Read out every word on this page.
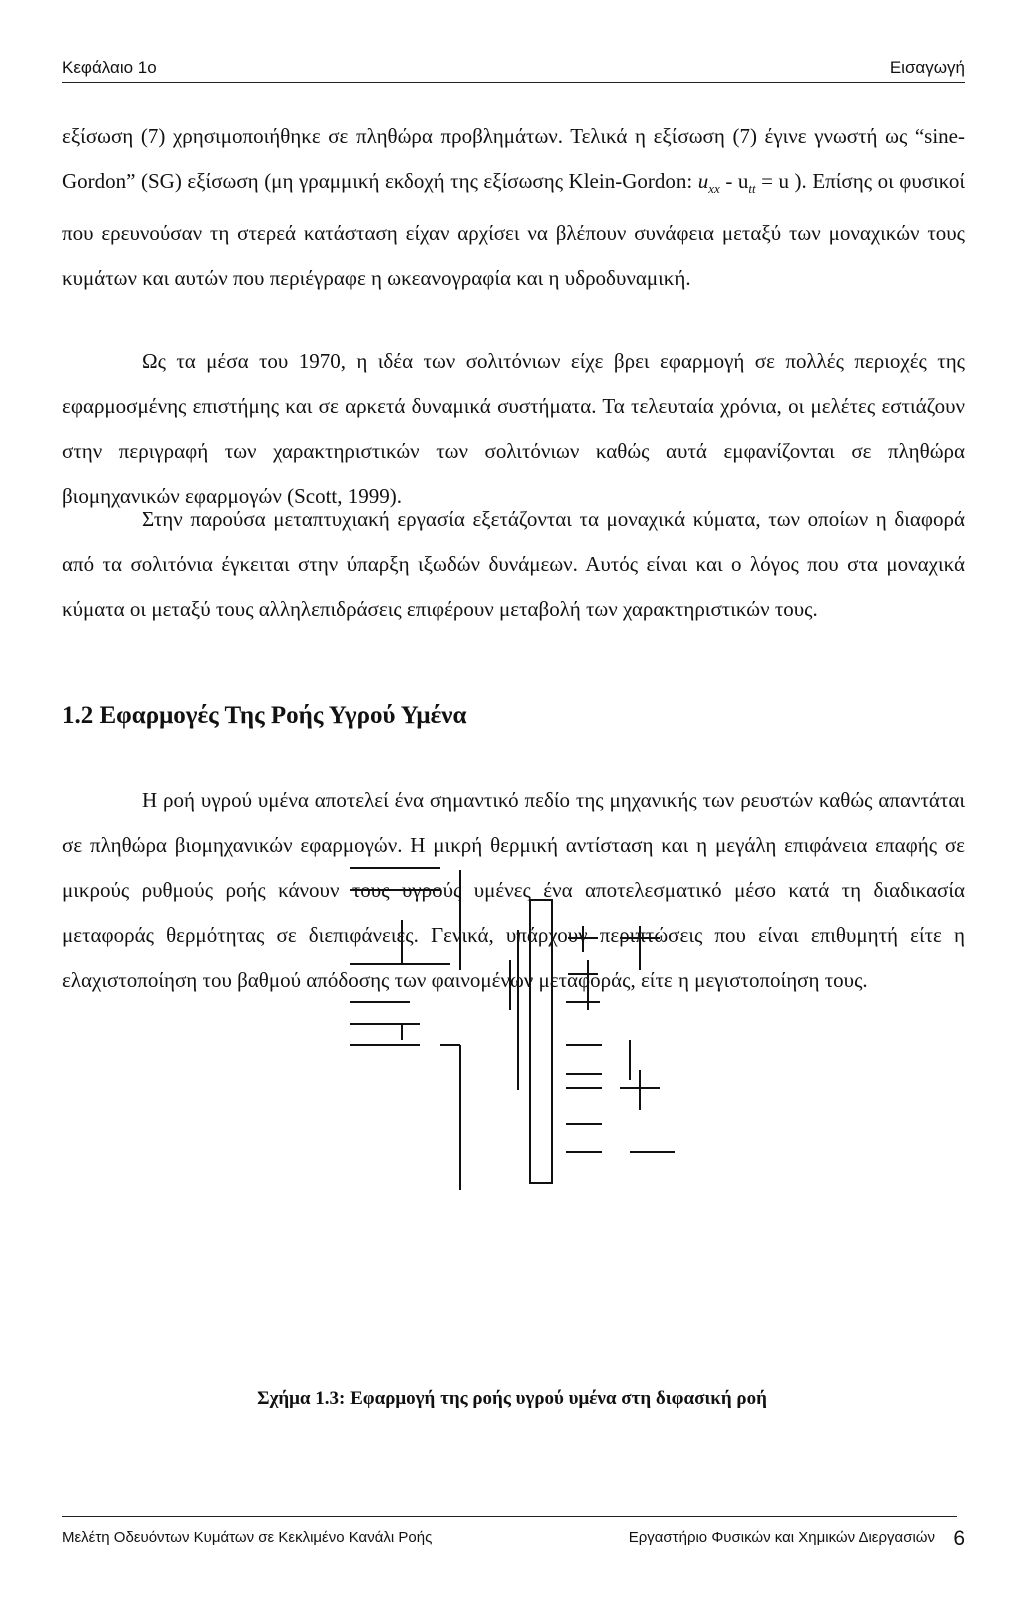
Κεφάλαιο 1ο	Εισαγωγή

εξίσωση (7) χρησιμοποιήθηκε σε πληθώρα προβλημάτων. Τελικά η εξίσωση (7) έγινε γνωστή ως “sine-Gordon” (SG) εξίσωση (μη γραμμική εκδοχή της εξίσωσης Klein-Gordon: $u_{xx} - u_{tt} = u$ ). Επίσης οι φυσικοί που ερευνούσαν τη στερεά κατάσταση είχαν αρχίσει να βλέπουν συνάφεια μεταξύ των μοναχικών τους κυμάτων και αυτών που περιέγραφε η ωκεανογραφία και η υδροδυναμική.

Ως τα μέσα του 1970, η ιδέα των σολιτόνιων είχε βρει εφαρμογή σε πολλές περιοχές της εφαρμοσμένης επιστήμης και σε αρκετά δυναμικά συστήματα. Τα τελευταία χρόνια, οι μελέτες εστιάζουν στην περιγραφή των χαρακτηριστικών των σολιτόνιων καθώς αυτά εμφανίζονται σε πληθώρα βιομηχανικών εφαρμογών (Scott, 1999).

Στην παρούσα μεταπτυχιακή εργασία εξετάζονται τα μοναχικά κύματα, των οποίων η διαφορά από τα σολιτόνια έγκειται στην ύπαρξη ιξωδών δυνάμεων. Αυτός είναι και ο λόγος που στα μοναχικά κύματα οι μεταξύ τους αλληλεπιδράσεις επιφέρουν μεταβολή των χαρακτηριστικών τους.

1.2 Εφαρμογές Της Ροής Υγρού Υμένα

Η ροή υγρού υμένα αποτελεί ένα σημαντικό πεδίο της μηχανικής των ρευστών καθώς απαντάται σε πληθώρα βιομηχανικών εφαρμογών. Η μικρή θερμική αντίσταση και η μεγάλη επιφάνεια επαφής σε μικρούς ρυθμούς ροής κάνουν τους υγρούς υμένες ένα αποτελεσματικό μέσο κατά τη διαδικασία μεταφοράς θερμότητας σε διεπιφάνειες. Γενικά, υπάρχουν περιπτώσεις που είναι επιθυμητή είτε η ελαχιστοποίηση του βαθμού απόδοσης των φαινομένων μεταφοράς, είτε η μεγιστοποίηση τους.

Σχήμα 1.3: Εφαρμογή της ροής υγρού υμένα στη διφασική ροή
Μελέτη Οδευόντων Κυμάτων σε Κεκλιμένο Κανάλι Ροής	Εργαστήριο Φυσικών και Χημικών Διεργασιών 6
